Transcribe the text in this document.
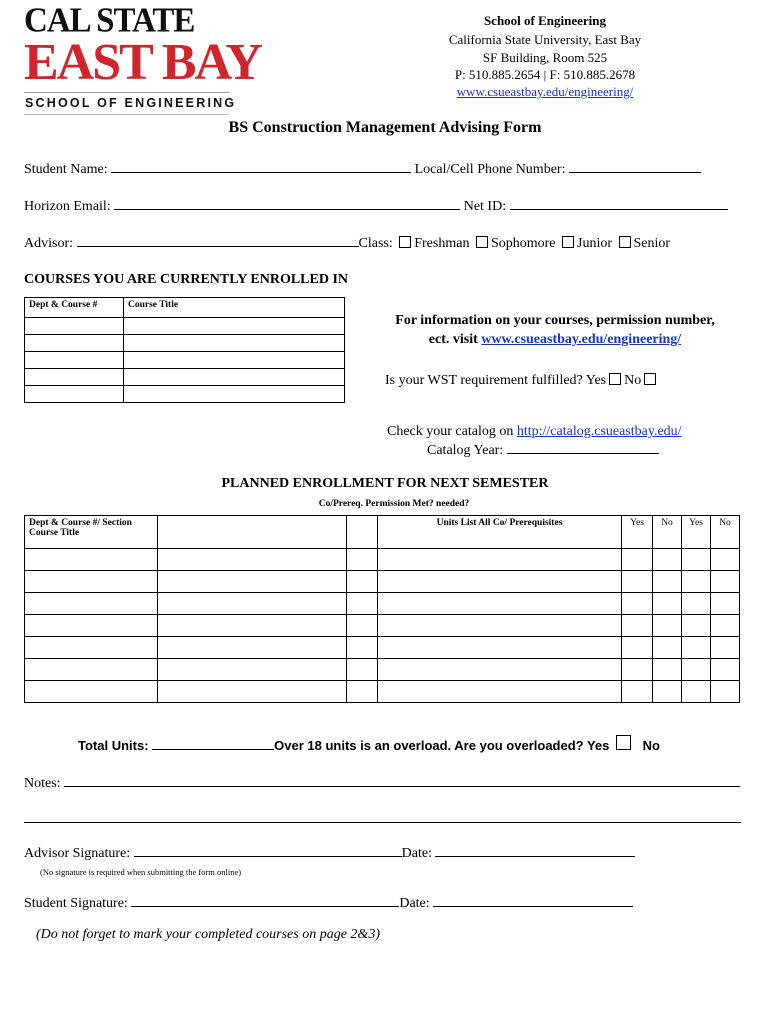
CAL STATE
EAST BAY
SCHOOL OF ENGINEERING
School of Engineering
California State University, East Bay
SF Building, Room 525
P: 510.885.2654 | F: 510.885.2678
www.csueastbay.edu/engineering/
BS Construction Management Advising Form
Student Name:	Local/Cell Phone Number:
Horizon Email:	Net ID:
Advisor:	Class: Freshman Sophomore Junior Senior
COURSES YOU ARE CURRENTLY ENROLLED IN
Dept & Course #	Course Title

For information on your courses, permission number,
ect. visit www.csueastbay.edu/engineering/
Is your WST requirement fulfilled? Yes No
Check your catalog on http://catalog.csueastbay.edu/
Catalog Year:
PLANNED ENROLLMENT FOR NEXT SEMESTER
Co/Prereq. Permission Met? needed?
Dept & Course #/ Section Course Title			Units List All Co/ Prerequisites	Yes	No	Yes	No

Total Units:	Over 18 units is an overload. Are you overloaded? Yes	No
Notes:
Advisor Signature:	Date:
(No signature is required when submitting the form online)
Student Signature:	Date:
(Do not forget to mark your completed courses on page 2&3)
